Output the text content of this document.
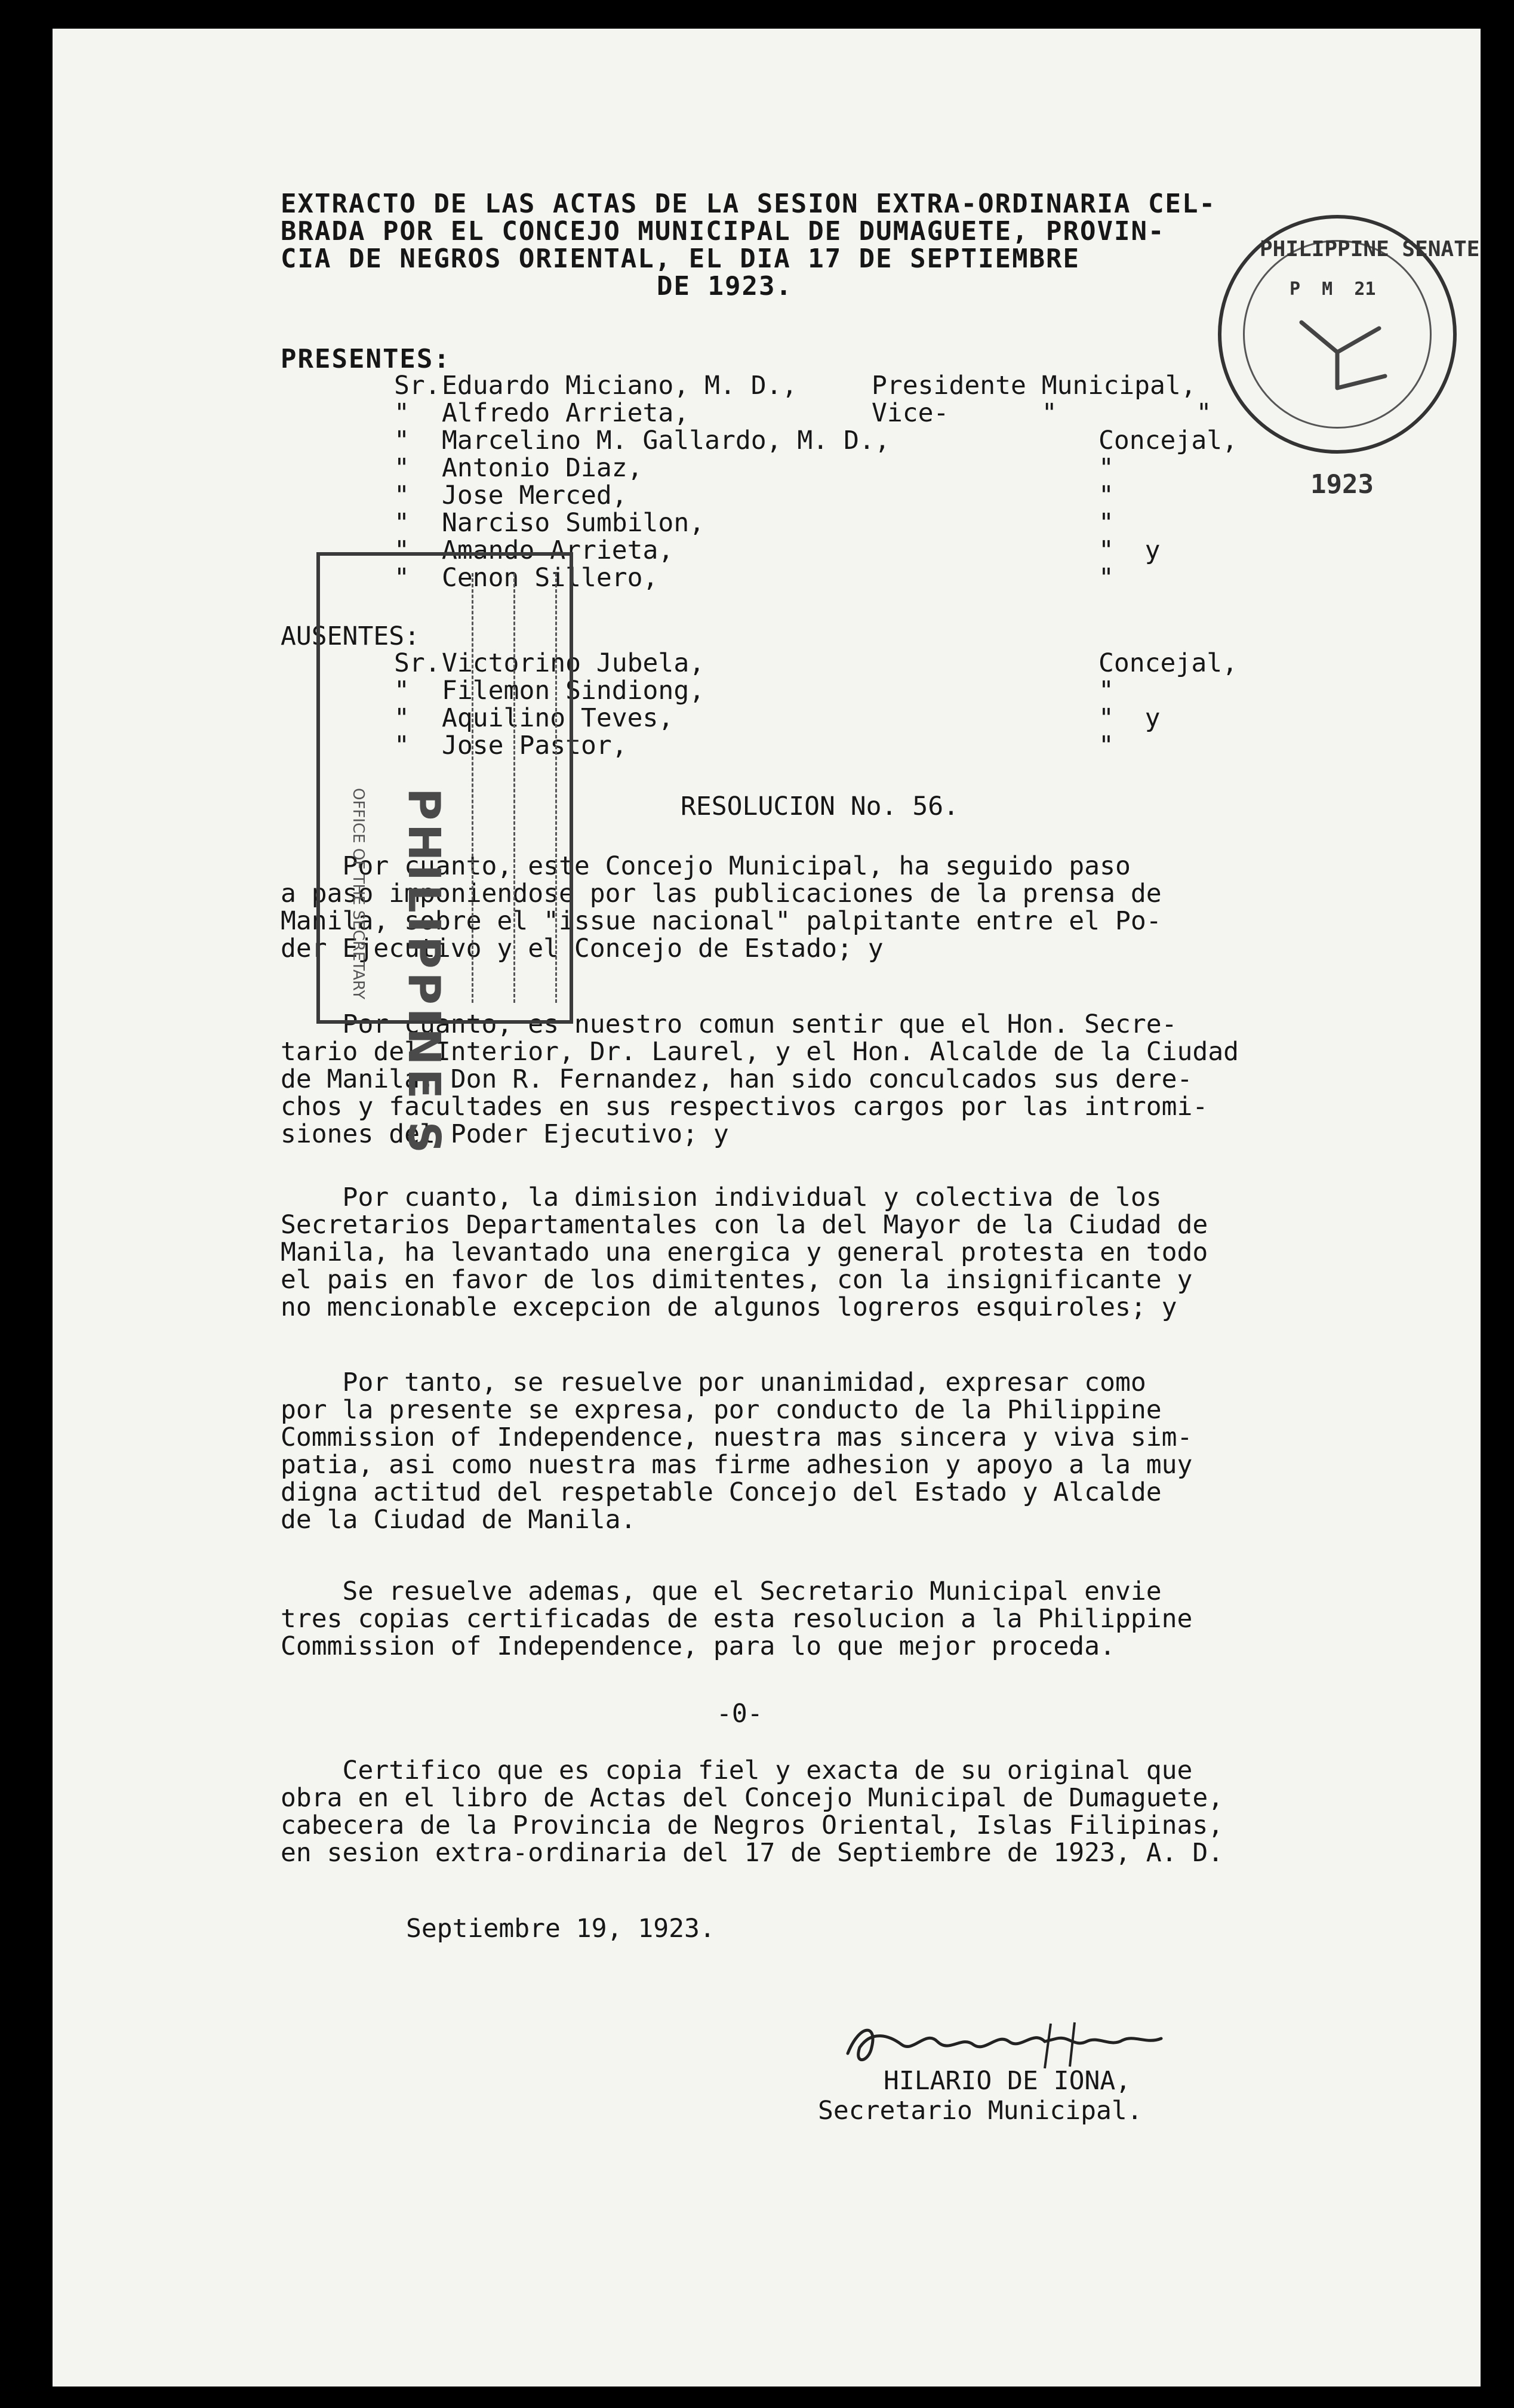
EXTRACTO DE LAS ACTAS DE LA SESION EXTRA-ORDINARIA CEL-
BRADA POR EL CONCEJO MUNICIPAL DE DUMAGUETE, PROVIN-
CIA DE NEGROS ORIENTAL, EL DIA 17 DE SEPTIEMBRE
DE 1923.
PRESENTES:
Sr. Eduardo Miciano, M. D.,	Presidente Municipal,
" Alfredo Arrieta,	Vice-      "         "
" Marcelino M. Gallardo, M. D.,	Concejal,
" Antonio Diaz,	"
" Jose Merced,	"
" Narciso Sumbilon,	"
" Amando Arrieta,	"  y
" Cenon Sillero,	"
AUSENTES:
Sr. Victorino Jubela,	Concejal,
" Filemon Sindiong,	"
" Aquilino Teves,	"  y
" Jose Pastor,	"
RESOLUCION No. 56.
Por cuanto, este Concejo Municipal, ha seguido paso
a paso imponiendose por las publicaciones de la prensa de
Manila, sobre el "issue nacional" palpitante entre el Po-
der Ejecutivo y el Concejo de Estado; y
Por cuanto, es nuestro comun sentir que el Hon. Secre-
tario del Interior, Dr. Laurel, y el Hon. Alcalde de la Ciudad
de Manila, Don R. Fernandez, han sido conculcados sus dere-
chos y facultades en sus respectivos cargos por las intromi-
siones del Poder Ejecutivo; y
Por cuanto, la dimision individual y colectiva de los
Secretarios Departamentales con la del Mayor de la Ciudad de
Manila, ha levantado una energica y general protesta en todo
el pais en favor de los dimitentes, con la insignificante y
no mencionable excepcion de algunos logreros esquiroles; y
Por tanto, se resuelve por unanimidad, expresar como
por la presente se expresa, por conducto de la Philippine
Commission of Independence, nuestra mas sincera y viva sim-
patia, asi como nuestra mas firme adhesion y apoyo a la muy
digna actitud del respetable Concejo del Estado y Alcalde
de la Ciudad de Manila.
Se resuelve ademas, que el Secretario Municipal envie
tres copias certificadas de esta resolucion a la Philippine
Commission of Independence, para lo que mejor proceda.
-0-
Certifico que es copia fiel y exacta de su original que
obra en el libro de Actas del Concejo Municipal de Dumaguete,
cabecera de la Provincia de Negros Oriental, Islas Filipinas,
en sesion extra-ordinaria del 17 de Septiembre de 1923, A. D.
Septiembre 19, 1923.
HILARIO DE IONA,
Secretario Municipal.
PHILIPPINE SENATE
1923
P  M  21
